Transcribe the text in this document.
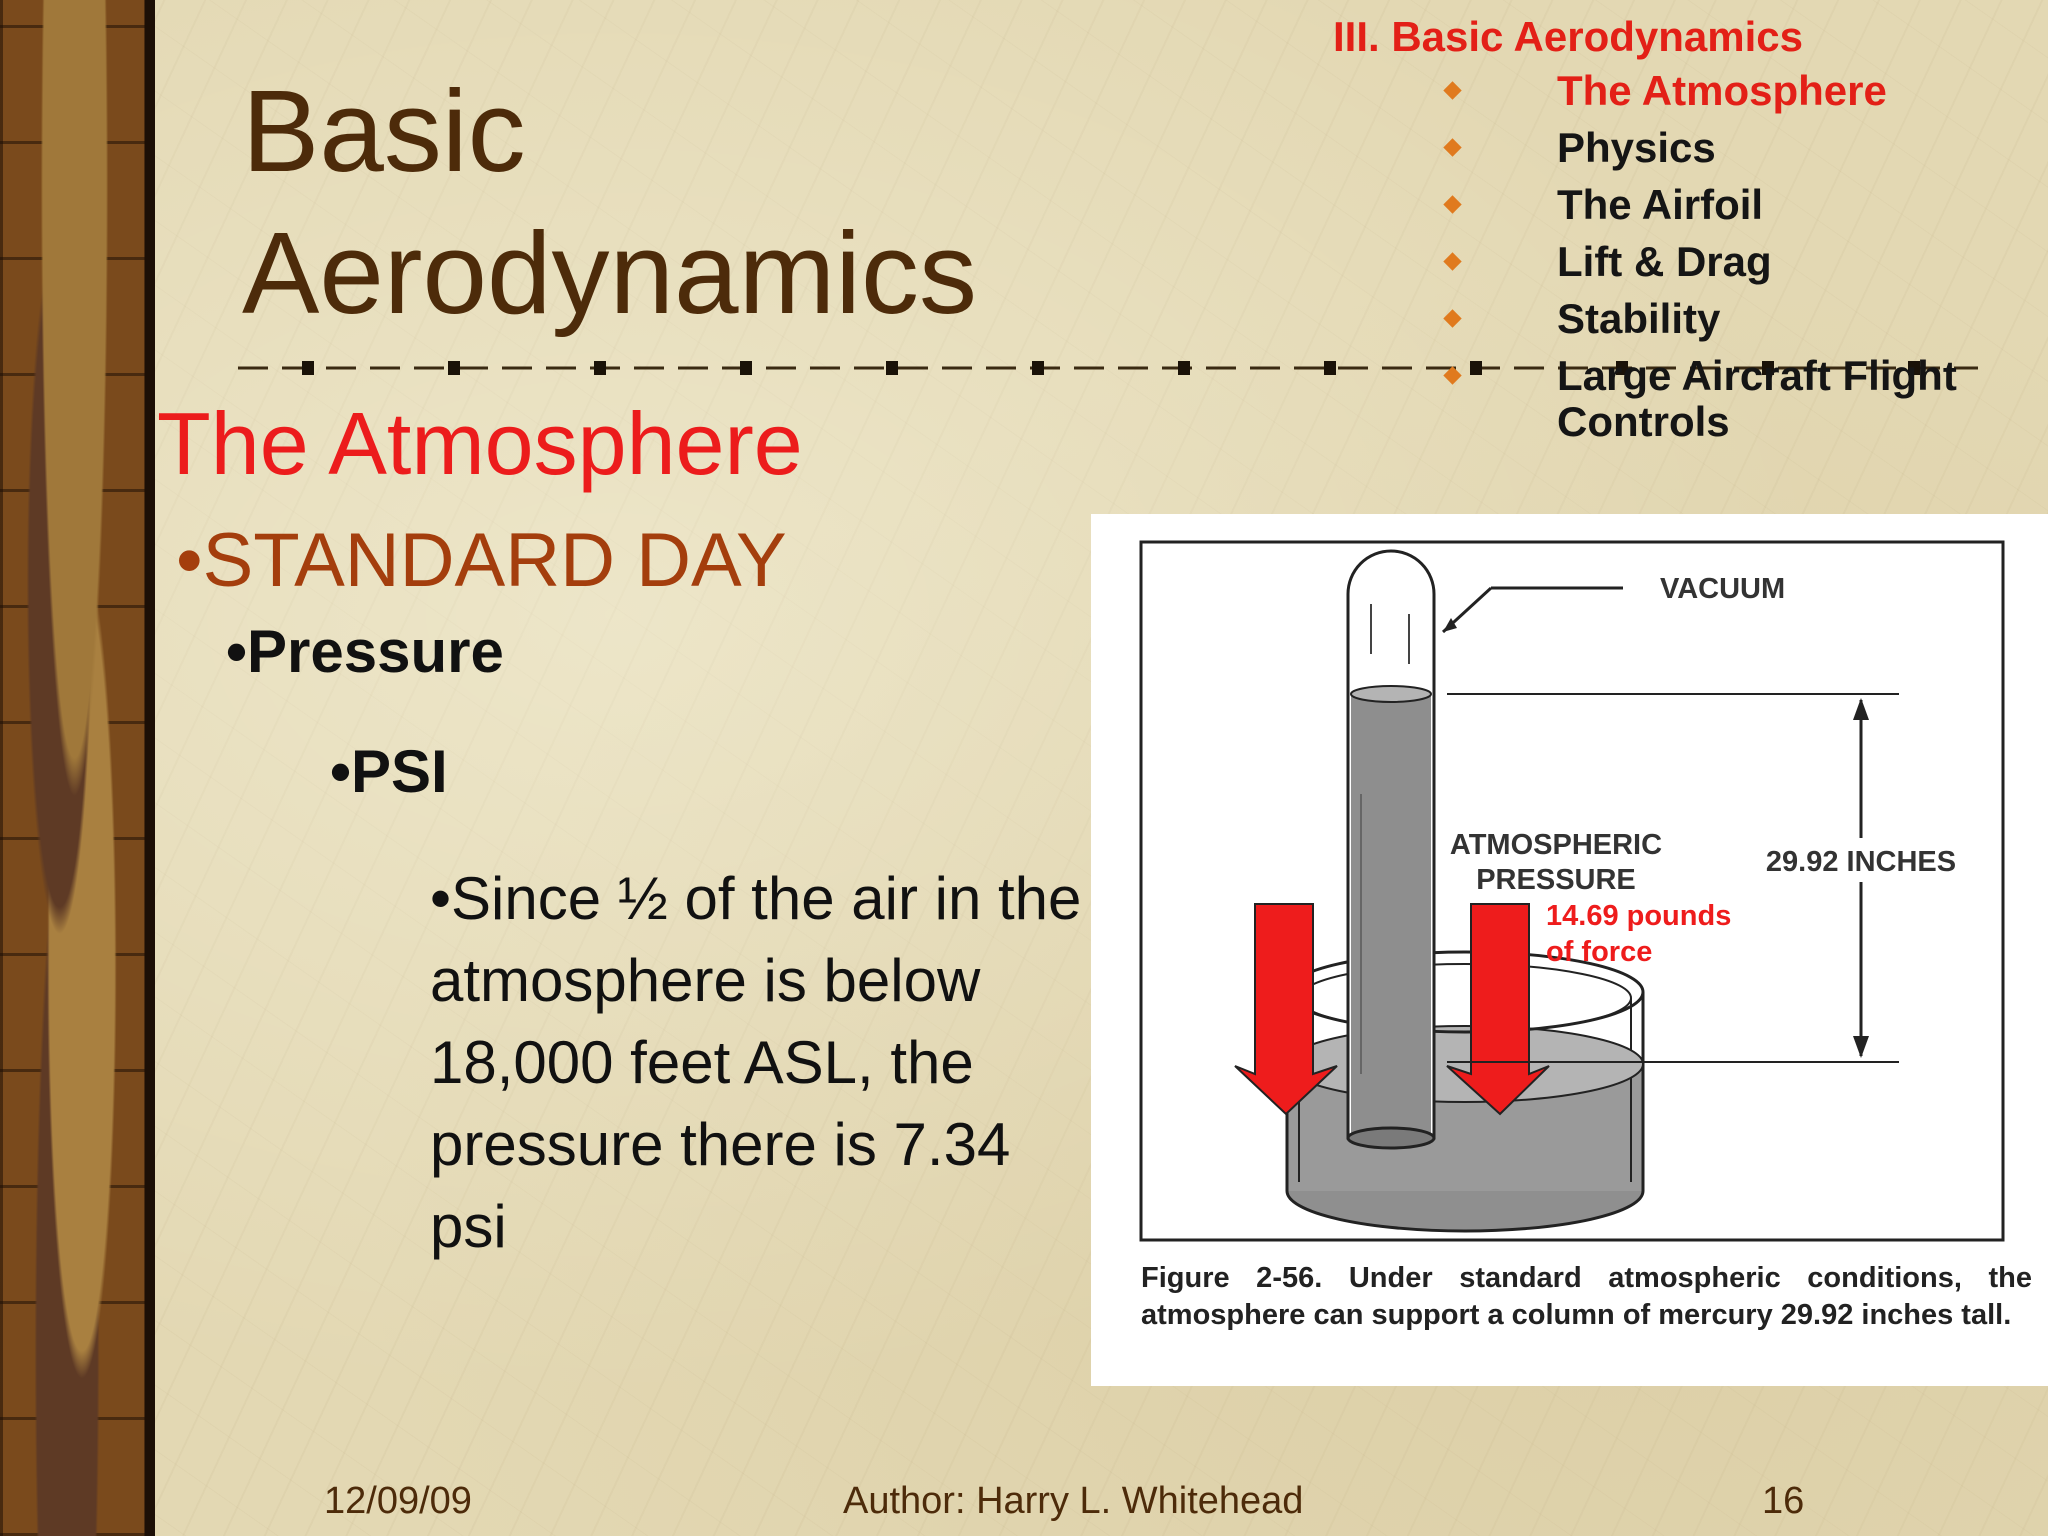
Basic
Aerodynamics
The Atmosphere
•STANDARD DAY
•Pressure
•PSI

•Since ½ of the air in the atmosphere is below 18,000 feet ASL, the pressure there is 7.34 psi

III. Basic Aerodynamics
The Atmosphere
Physics
The Airfoil
Lift & Drag
Stability
Large Aircraft Flight Controls
VACUUM
ATMOSPHERIC
PRESSURE
14.69 pounds
of force
29.92 INCHES

Figure 2-56. Under standard atmospheric conditions, the atmosphere can support a column of mercury 29.92 inches tall.

12/09/09	Author: Harry L. Whitehead	16
